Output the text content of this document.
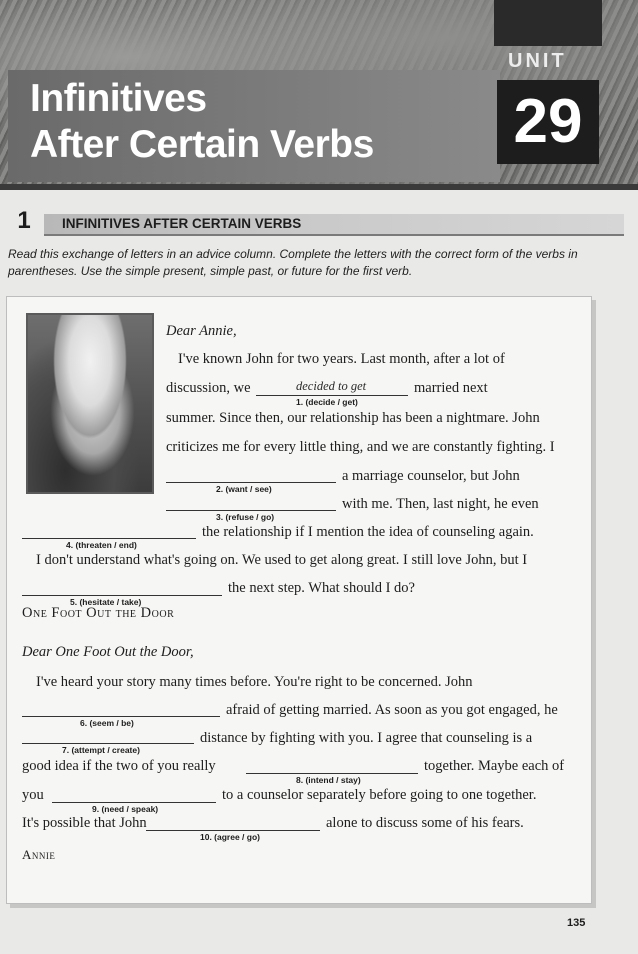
Infinitives
After Certain Verbs
UNIT
29
1	INFINITIVES AFTER CERTAIN VERBS

Read this exchange of letters in an advice column. Complete the letters with the correct form of the verbs in parentheses. Use the simple present, simple past, or future for the first verb.

Dear Annie,
I've known John for two years. Last month, after a lot of
discussion, we	decided to get
1. (decide / get)
married next
summer. Since then, our relationship has been a nightmare. John
criticizes me for every little thing, and we are constantly fighting. I
2. (want / see)
a marriage counselor, but John
3. (refuse / go)
with me. Then, last night, he even
4. (threaten / end)
the relationship if I mention the idea of counseling again.
I don't understand what's going on. We used to get along great. I still love John, but I
5. (hesitate / take)
the next step. What should I do?
One Foot Out the Door
Dear One Foot Out the Door,
I've heard your story many times before. You're right to be concerned. John
6. (seem / be)
afraid of getting married. As soon as you got engaged, he
7. (attempt / create)
distance by fighting with you. I agree that counseling is a
good idea if the two of you really
8. (intend / stay)
together. Maybe each of
you
9. (need / speak)
to a counselor separately before going to one together.
It's possible that John
10. (agree / go)
alone to discuss some of his fears.
Annie
135
